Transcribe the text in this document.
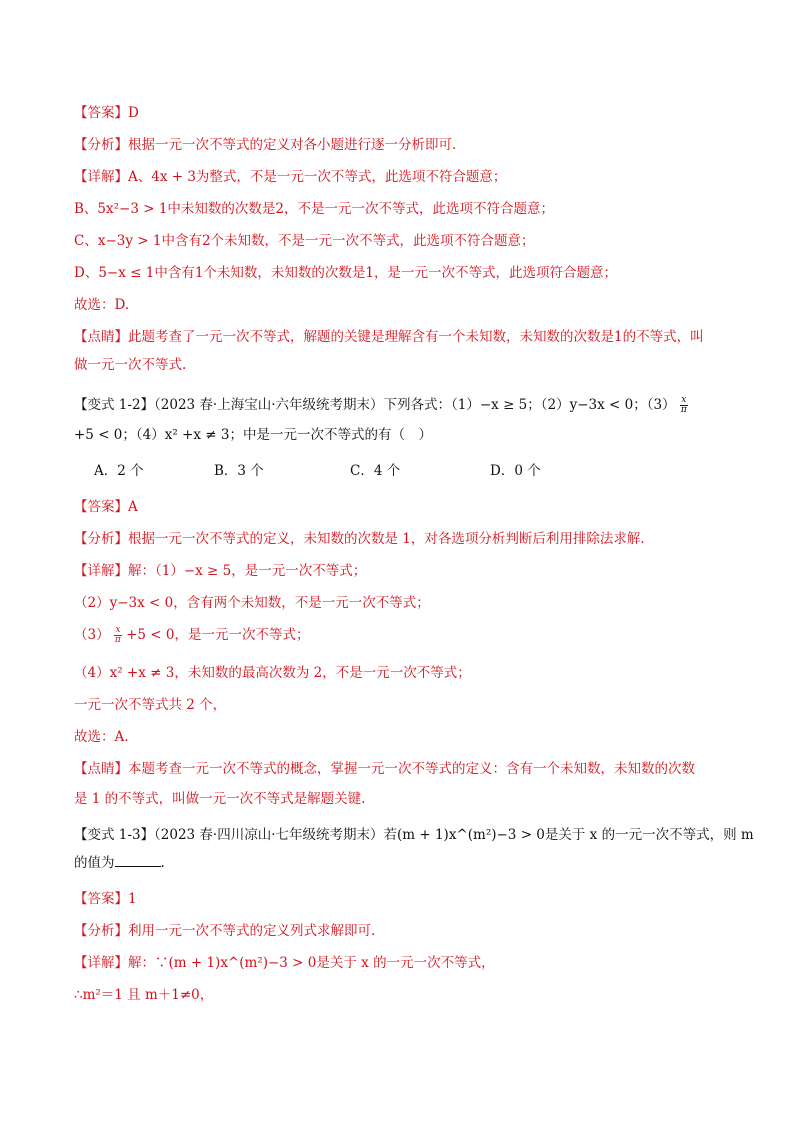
【答案】D
【分析】根据一元一次不等式的定义对各小题进行逐一分析即可.
【详解】A、4x + 3为整式，不是一元一次不等式，此选项不符合题意；
B、5x²−3 > 1中未知数的次数是2，不是一元一次不等式，此选项不符合题意；
C、x−3y > 1中含有2个未知数，不是一元一次不等式，此选项不符合题意；
D、5−x ≤ 1中含有1个未知数，未知数的次数是1，是一元一次不等式，此选项符合题意；
故选：D.
【点睛】此题考查了一元一次不等式，解题的关键是理解含有一个未知数，未知数的次数是1的不等式，叫
做一元一次不等式.
【变式 1-2】（2023 春·上海宝山·六年级统考期末）下列各式：（1）−x ≥ 5；（2）y−3x < 0；$(3) \frac{x}{\pi}$
+5 < 0；（4）x² +x ≠ 3；中是一元一次不等式的有（　）
A．2 个	B．3 个	C．4 个	D．0 个
【答案】A
【分析】根据一元一次不等式的定义，未知数的次数是 1，对各选项分析判断后利用排除法求解.
【详解】解：（1）−x ≥ 5，是一元一次不等式；
（2）y−3x < 0，含有两个未知数，不是一元一次不等式；
$(3) \frac{x}{\pi} +5 < 0$，是一元一次不等式；
（4）x² +x ≠ 3，未知数的最高次数为 2，不是一元一次不等式；
一元一次不等式共 2 个，
故选：A.
【点睛】本题考查一元一次不等式的概念，掌握一元一次不等式的定义：含有一个未知数，未知数的次数
是 1 的不等式，叫做一元一次不等式是解题关键.
【变式 1-3】（2023 春·四川凉山·七年级统考期末）若(m + 1)x^(m²)−3 > 0是关于 x 的一元一次不等式，则 m
的值为	.
【答案】1
【分析】利用一元一次不等式的定义列式求解即可.
【详解】解：∵(m + 1)x^(m²)−3 > 0是关于 x 的一元一次不等式，
∴m²＝1 且 m＋1≠0，
